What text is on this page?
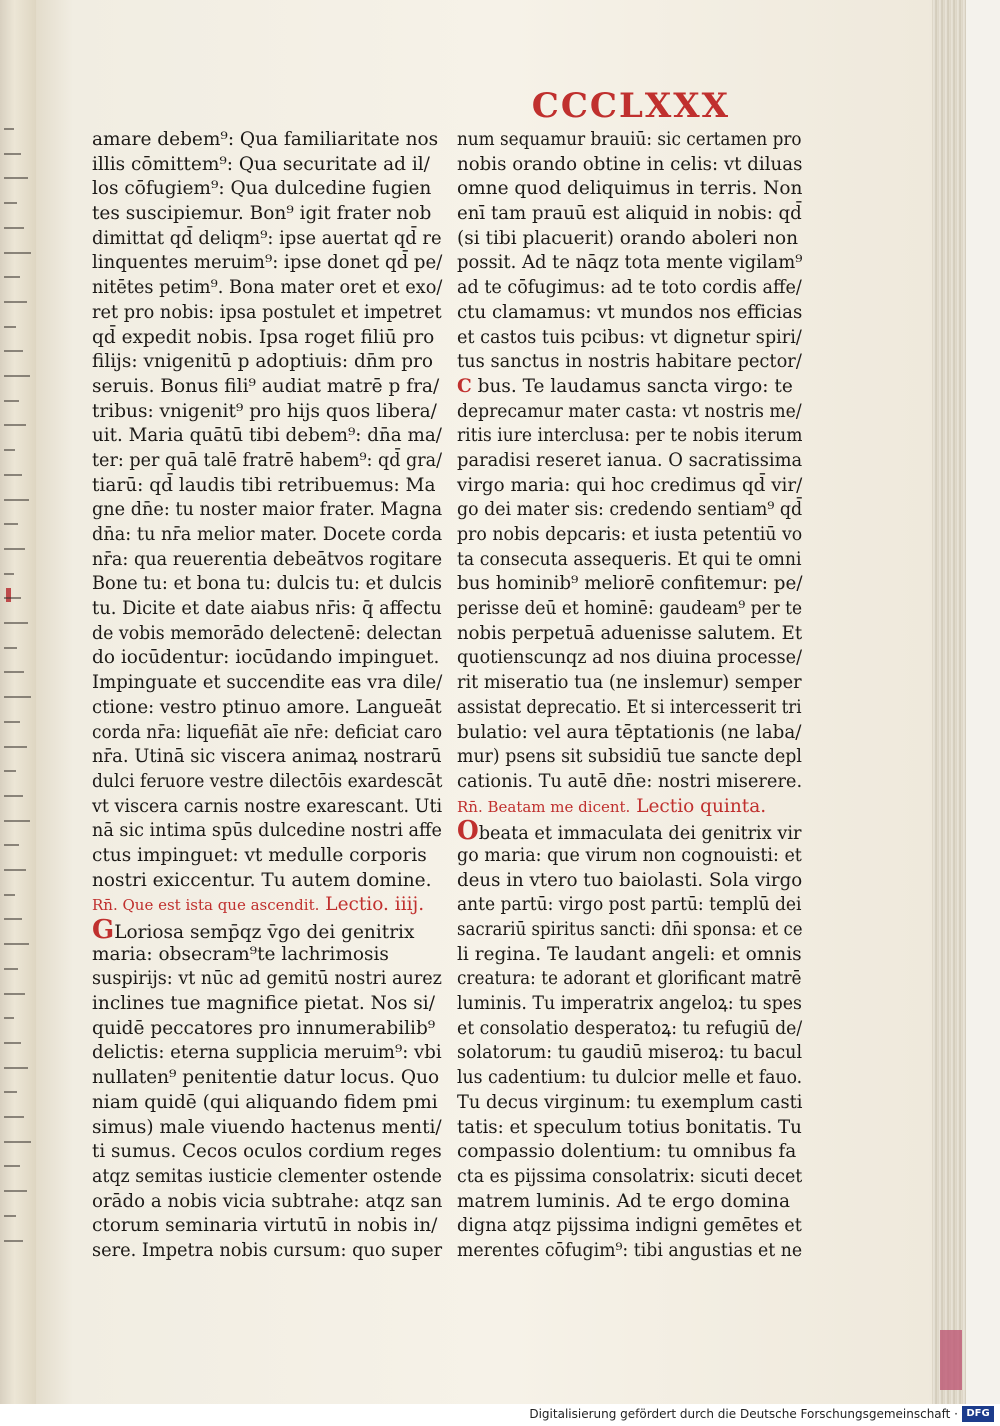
CCCLXXX
amare debem⁹: Qua familiaritate nos
illis cōmittem⁹: Qua securitate ad il/
los cōfugiem⁹: Qua dulcedine fugien
tes suscipiemur. Bon⁹ igit frater nob
dimittat qd̄ deliqm⁹: ipse auertat qd̄ re
linquentes meruim⁹: ipse donet qd̄ pe/
nitētes petim⁹. Bona mater oret et exo/
ret pro nobis: ipsa postulet et impetret
qd̄ expedit nobis. Ipsa roget filiū pro
filijs: vnigenitū p adoptiuis: dn̄m pro
seruis. Bonus fili⁹ audiat matrē p fra/
tribus: vnigenit⁹ pro hijs quos libera/
uit. Maria quātū tibi debem⁹: dn̄a ma/
ter: per quā talē fratrē habem⁹: qd̄ gra/
tiarū: qd̄ laudis tibi retribuemus: Ma
gne dn̄e: tu noster maior frater. Magna
dn̄a: tu nr̄a melior mater. Docete corda
nr̄a: qua reuerentia debeātvos rogitare
Bone tu: et bona tu: dulcis tu: et dulcis
tu. Dicite et date aiabus nr̄is: q̄ affectu
de vobis memorādo delectenē: delectan
do iocūdentur: iocūdando impinguet.
Impinguate et succendite eas vra dile/
ctione: vestro ptinuo amore. Langueāt
corda nr̄a: liquefiāt aīe nr̄e: deficiat caro
nr̄a. Utinā sic viscera animaꝝ nostrarū
dulci feruore vestre dilectōis exardescāt
vt viscera carnis nostre exarescant. Uti
nā sic intima spūs dulcedine nostri affe
ctus impinguet: vt medulle corporis
nostri exiccentur. Tu autem domine.
Rn̄. Que est ista que ascendit. Lectio. iiij.
GLoriosa semp̄qz v̄go dei genitrix
maria: obsecram⁹te lachrimosis
suspirijs: vt nūc ad gemitū nostri aurez
inclines tue magnifice pietat. Nos si/
quidē peccatores pro innumerabilib⁹
delictis: eterna supplicia meruim⁹: vbi
nullaten⁹ penitentie datur locus. Quo
niam quidē (qui aliquando fidem pmi
simus) male viuendo hactenus menti/
ti sumus. Cecos oculos cordium reges
atqz semitas iusticie clementer ostende
orādo a nobis vicia subtrahe: atqz san
ctorum seminaria virtutū in nobis in/
sere. Impetra nobis cursum: quo super
num sequamur brauiū: sic certamen pro
nobis orando obtine in celis: vt diluas
omne quod deliquimus in terris. Non
enī tam prauū est aliquid in nobis: qd̄
(si tibi placuerit) orando aboleri non
possit. Ad te nāqz tota mente vigilam⁹
ad te cōfugimus: ad te toto cordis affe/
ctu clamamus: vt mundos nos efficias
et castos tuis pcibus: vt dignetur spiri/
tus sanctus in nostris habitare pector/
C bus. Te laudamus sancta virgo: te
deprecamur mater casta: vt nostris me/
ritis iure interclusa: per te nobis iterum
paradisi reseret ianua. O sacratissima
virgo maria: qui hoc credimus qd̄ vir/
go dei mater sis: credendo sentiam⁹ qd̄
pro nobis depcaris: et iusta petentiū vo
ta consecuta assequeris. Et qui te omni
bus hominib⁹ meliorē confitemur: pe/
perisse deū et hominē: gaudeam⁹ per te
nobis perpetuā aduenisse salutem. Et
quotienscunqz ad nos diuina processe/
rit miseratio tua (ne inslemur) semper
assistat deprecatio. Et si intercesserit tri
bulatio: vel aura tēptationis (ne laba/
mur) psens sit subsidiū tue sancte depl
cationis. Tu autē dn̄e: nostri miserere.
Rn̄. Beatam me dicent. Lectio quinta.
Obeata et immaculata dei genitrix vir
go maria: que virum non cognouisti: et
deus in vtero tuo baiolasti. Sola virgo
ante partū: virgo post partū: templū dei
sacrariū spiritus sancti: dn̄i sponsa: et ce
li regina. Te laudant angeli: et omnis
creatura: te adorant et glorificant matrē
luminis. Tu imperatrix angeloꝝ: tu spes
et consolatio desperatoꝝ: tu refugiū de/
solatorum: tu gaudiū miseroꝝ: tu bacul
lus cadentium: tu dulcior melle et fauo.
Tu decus virginum: tu exemplum casti
tatis: et speculum totius bonitatis. Tu
compassio dolentium: tu omnibus fa
cta es pijssima consolatrix: sicuti decet
matrem luminis. Ad te ergo domina
digna atqz pijssima indigni gemētes et
merentes cōfugim⁹: tibi angustias et ne
Digitalisierung gefördert durch die Deutsche Forschungsgemeinschaft · DFG
